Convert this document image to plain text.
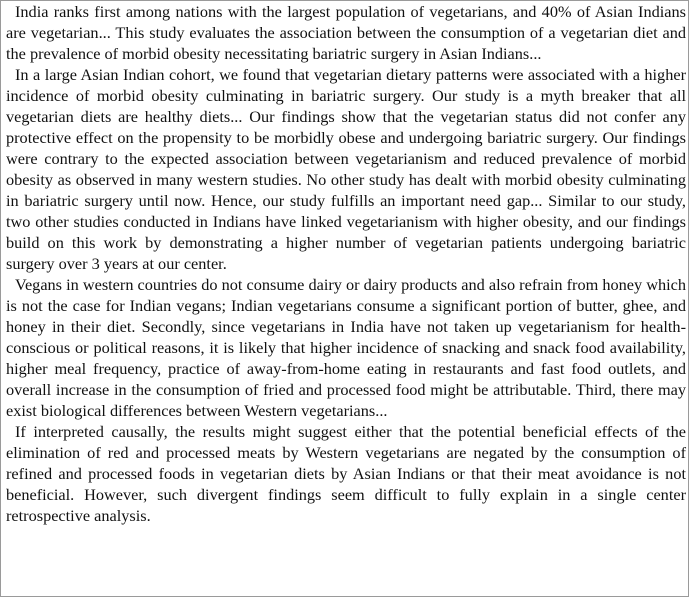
India ranks first among nations with the largest population of vegetarians, and 40% of Asian Indians are vegetarian... This study evaluates the association between the consumption of a vegetarian diet and the prevalence of morbid obesity necessitating bariatric surgery in Asian Indians...

In a large Asian Indian cohort, we found that vegetarian dietary patterns were associated with a higher incidence of morbid obesity culminating in bariatric surgery. Our study is a myth breaker that all vegetarian diets are healthy diets... Our findings show that the vegetarian status did not confer any protective effect on the propensity to be morbidly obese and undergoing bariatric surgery. Our findings were contrary to the expected association between vegetarianism and reduced prevalence of morbid obesity as observed in many western studies. No other study has dealt with morbid obesity culminating in bariatric surgery until now. Hence, our study fulfills an important need gap... Similar to our study, two other studies conducted in Indians have linked vegetarianism with higher obesity, and our findings build on this work by demonstrating a higher number of vegetarian patients undergoing bariatric surgery over 3 years at our center.

Vegans in western countries do not consume dairy or dairy products and also refrain from honey which is not the case for Indian vegans; Indian vegetarians consume a significant portion of butter, ghee, and honey in their diet. Secondly, since vegetarians in India have not taken up vegetarianism for health-conscious or political reasons, it is likely that higher incidence of snacking and snack food availability, higher meal frequency, practice of away-from-home eating in restaurants and fast food outlets, and overall increase in the consumption of fried and processed food might be attributable. Third, there may exist biological differences between Western vegetarians...

If interpreted causally, the results might suggest either that the potential beneficial effects of the elimination of red and processed meats by Western vegetarians are negated by the consumption of refined and processed foods in vegetarian diets by Asian Indians or that their meat avoidance is not beneficial. However, such divergent findings seem difficult to fully explain in a single center retrospective analysis.
